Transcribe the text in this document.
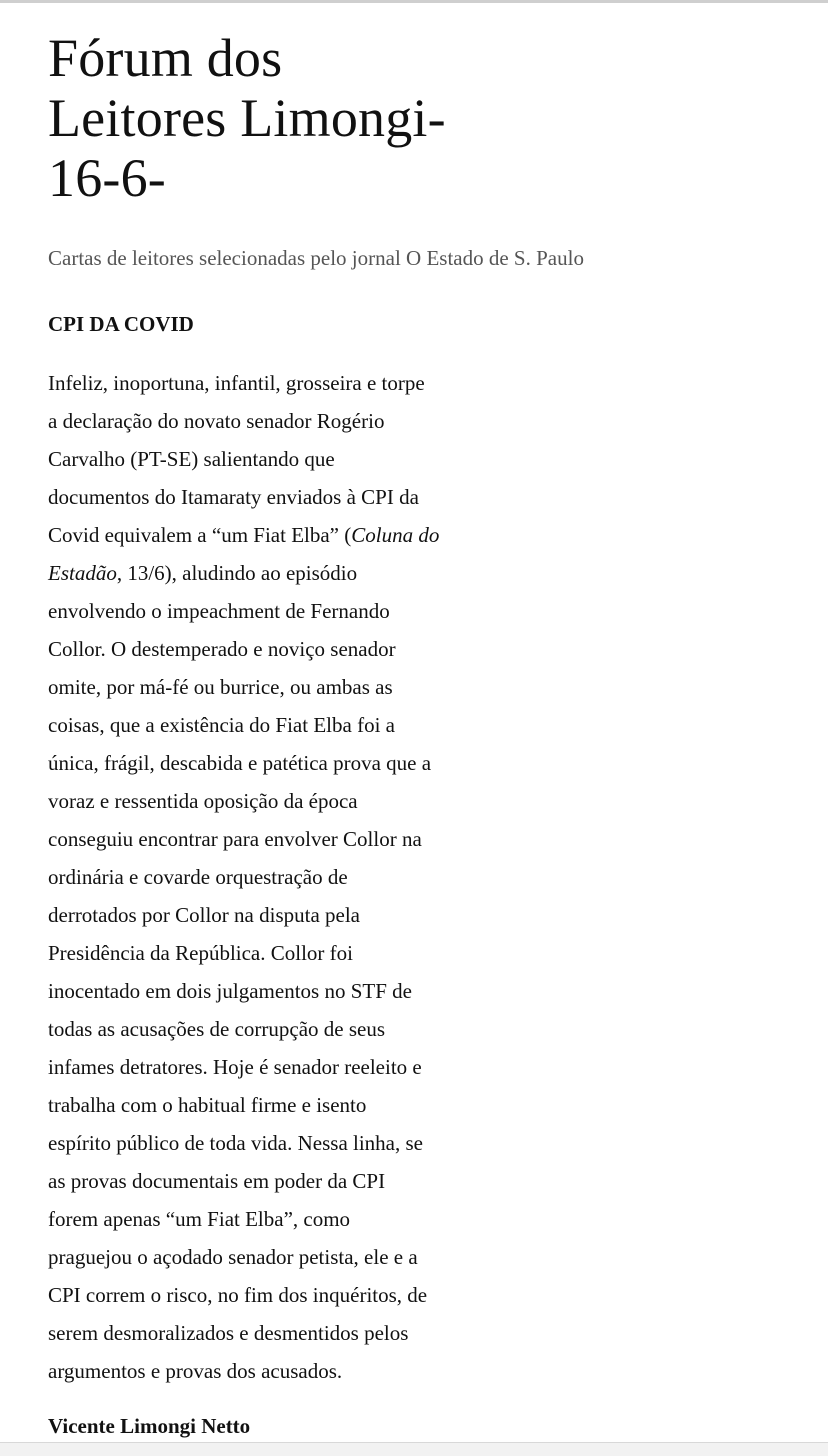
Fórum dos
Leitores Limongi-
16-6-

Cartas de leitores selecionadas pelo jornal O Estado de S. Paulo

CPI DA COVID

Infeliz, inoportuna, infantil, grosseira e torpe
a declaração do novato senador Rogério
Carvalho (PT-SE) salientando que
documentos do Itamaraty enviados à CPI da
Covid equivalem a “um Fiat Elba” (Coluna do
Estadão, 13/6), aludindo ao episódio
envolvendo o impeachment de Fernando
Collor. O destemperado e noviço senador
omite, por má-fé ou burrice, ou ambas as
coisas, que a existência do Fiat Elba foi a
única, frágil, descabida e patética prova que a
voraz e ressentida oposição da época
conseguiu encontrar para envolver Collor na
ordinária e covarde orquestração de
derrotados por Collor na disputa pela
Presidência da República. Collor foi
inocentado em dois julgamentos no STF de
todas as acusações de corrupção de seus
infames detratores. Hoje é senador reeleito e
trabalha com o habitual firme e isento
espírito público de toda vida. Nessa linha, se
as provas documentais em poder da CPI
forem apenas “um Fiat Elba”, como
praguejou o açodado senador petista, ele e a
CPI correm o risco, no fim dos inquéritos, de
serem desmoralizados e desmentidos pelos
argumentos e provas dos acusados.

Vicente Limongi Netto
